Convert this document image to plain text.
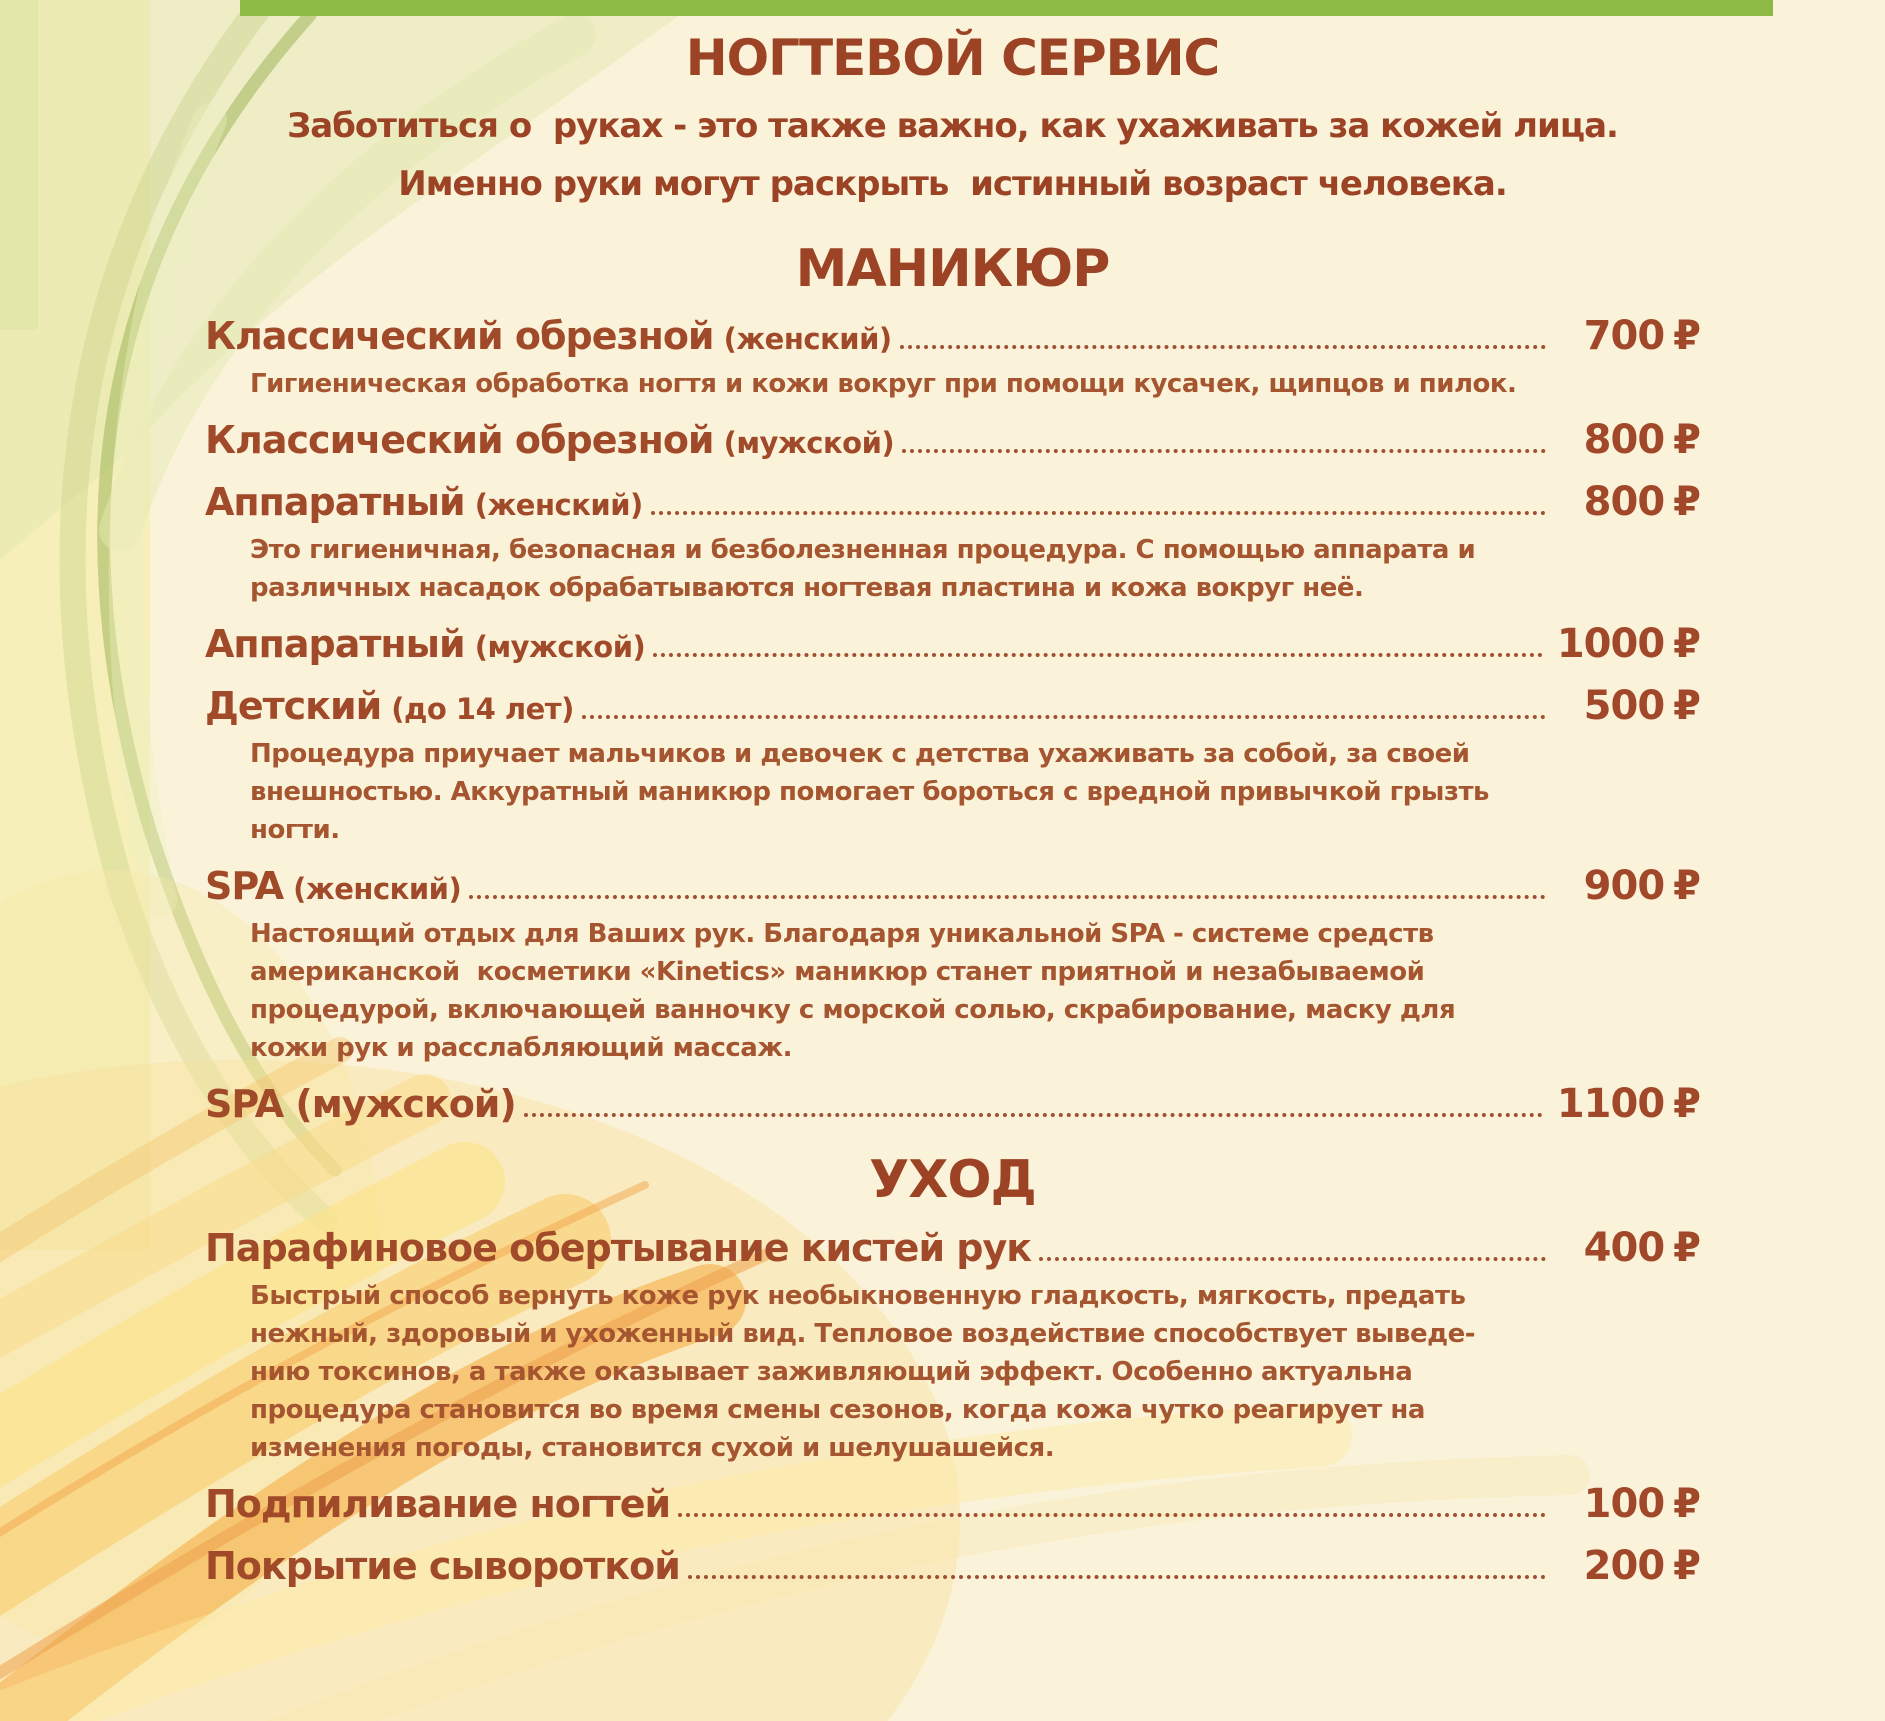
НОГТЕВОЙ СЕРВИС
Заботиться о  руках - это также важно, как ухаживать за кожей лица.
Именно руки могут раскрыть  истинный возраст человека.
МАНИКЮР
Классический обрезной (женский)	700 ₽
Гигиеническая обработка ногтя и кожи вокруг при помощи кусачек, щипцов и пилок.
Классический обрезной (мужской)	800 ₽
Аппаратный (женский)	800 ₽
Это гигиеничная, безопасная и безболезненная процедура. С помощью аппарата и
различных насадок обрабатываются ногтевая пластина и кожа вокруг неё.
Аппаратный (мужской)	1000 ₽
Детский (до 14 лет)	500 ₽
Процедура приучает мальчиков и девочек с детства ухаживать за собой, за своей
внешностью. Аккуратный маникюр помогает бороться с вредной привычкой грызть
ногти.
SPA (женский)	900 ₽
Настоящий отдых для Ваших рук. Благодаря уникальной SPA - системе средств
американской  косметики «Kinetics» маникюр станет приятной и незабываемой
процедурой, включающей ванночку с морской солью, скрабирование, маску для
кожи рук и расслабляющий массаж.
SPA (мужской)	1100 ₽
УХОД
Парафиновое обертывание кистей рук	400 ₽
Быстрый способ вернуть коже рук необыкновенную гладкость, мягкость, предать
нежный, здоровый и ухоженный вид. Тепловое воздействие способствует выведе-
нию токсинов, а также оказывает заживляющий эффект. Особенно актуальна
процедура становится во время смены сезонов, когда кожа чутко реагирует на
изменения погоды, становится сухой и шелушашейся.
Подпиливание ногтей	100 ₽
Покрытие сывороткой	200 ₽
